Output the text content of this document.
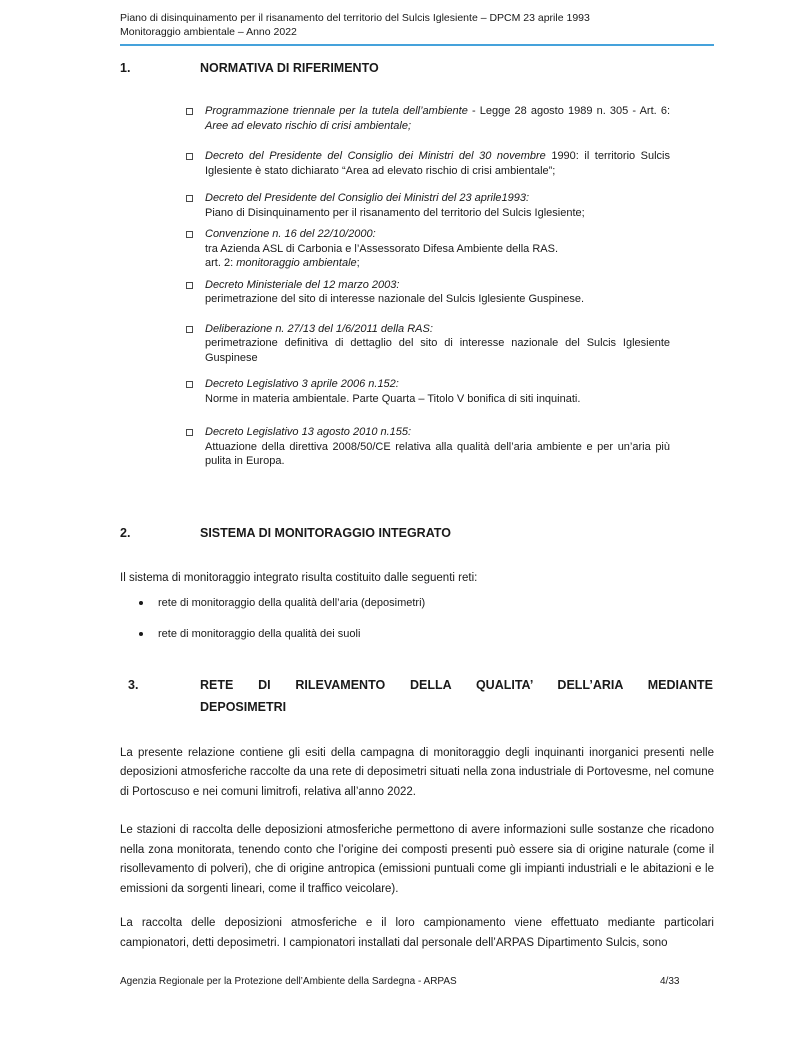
Piano di disinquinamento per il risanamento del territorio del Sulcis Iglesiente – DPCM 23 aprile 1993
Monitoraggio ambientale – Anno 2022
1.	NORMATIVA DI RIFERIMENTO
Programmazione triennale per la tutela dell’ambiente - Legge 28 agosto 1989 n. 305 - Art. 6: Aree ad elevato rischio di crisi ambientale;
Decreto del Presidente del Consiglio dei Ministri del 30 novembre 1990: il territorio Sulcis Iglesiente è stato dichiarato “Area ad elevato rischio di crisi ambientale”;
Decreto del Presidente del Consiglio dei Ministri del 23 aprile1993:
Piano di Disinquinamento per il risanamento del territorio del Sulcis Iglesiente;
Convenzione n. 16 del 22/10/2000:
tra Azienda ASL di Carbonia e l’Assessorato Difesa Ambiente della RAS.
art. 2: monitoraggio ambientale;
Decreto Ministeriale del 12 marzo 2003:
perimetrazione del sito di interesse nazionale del Sulcis Iglesiente Guspinese.
Deliberazione n. 27/13 del 1/6/2011 della RAS:
perimetrazione definitiva di dettaglio del sito di interesse nazionale del Sulcis Iglesiente Guspinese
Decreto Legislativo 3 aprile 2006 n.152:
Norme in materia ambientale. Parte Quarta – Titolo V bonifica di siti inquinati.
Decreto Legislativo 13 agosto 2010 n.155:
Attuazione della direttiva 2008/50/CE relativa alla qualità dell’aria ambiente e per un’aria più pulita in Europa.
2.	SISTEMA DI MONITORAGGIO INTEGRATO

Il sistema di monitoraggio integrato risulta costituito dalle seguenti reti:

rete di monitoraggio della qualità dell’aria (deposimetri)
rete di monitoraggio della qualità dei suoli
3.	RETE DI RILEVAMENTO DELLA QUALITA’ DELL’ARIA MEDIANTE
DEPOSIMETRI

La presente relazione contiene gli esiti della campagna di monitoraggio degli inquinanti inorganici presenti nelle deposizioni atmosferiche raccolte da una rete di deposimetri situati nella zona industriale di Portovesme, nel comune di Portoscuso e nei comuni limitrofi, relativa all’anno 2022.

Le stazioni di raccolta delle deposizioni atmosferiche permettono di avere informazioni sulle sostanze che ricadono nella zona monitorata, tenendo conto che l’origine dei composti presenti può essere sia di origine naturale (come il risollevamento di polveri), che di origine antropica (emissioni puntuali come gli impianti industriali e le abitazioni e le emissioni da sorgenti lineari, come il traffico veicolare).

La raccolta delle deposizioni atmosferiche e il loro campionamento viene effettuato mediante particolari campionatori, detti deposimetri. I campionatori installati dal personale dell’ARPAS Dipartimento Sulcis, sono

Agenzia Regionale per la Protezione dell’Ambiente della Sardegna - ARPAS	4/33
